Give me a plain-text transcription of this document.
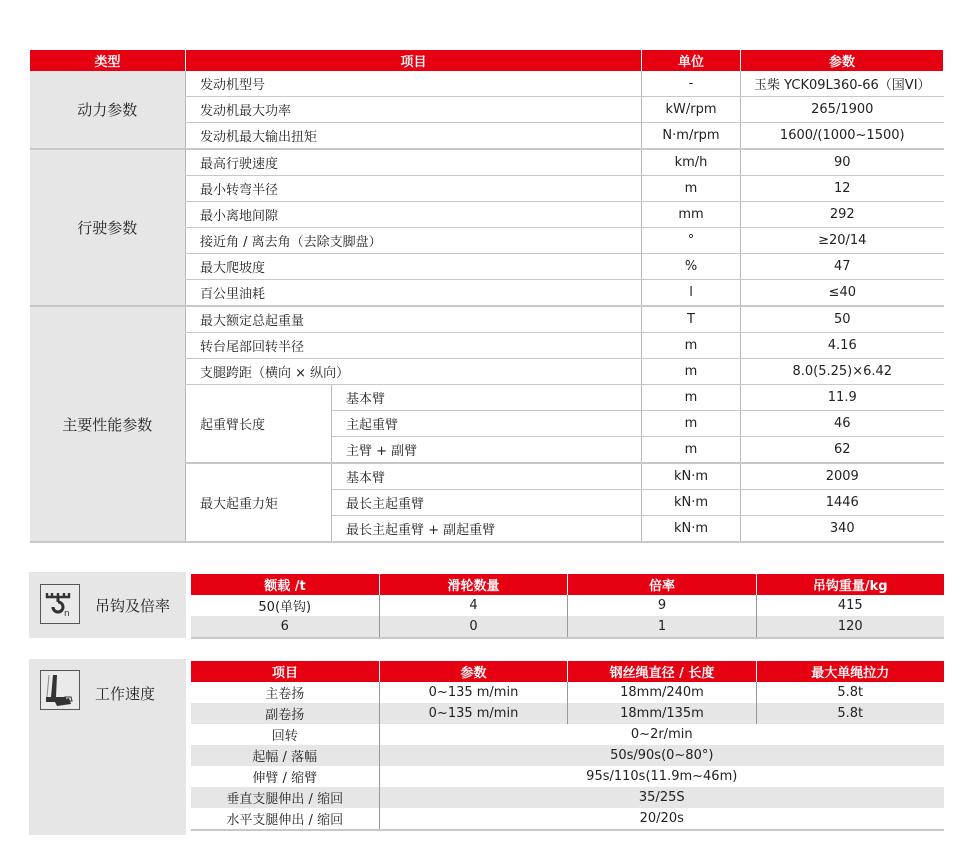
类型	项目		单位	参数
动力参数	发动机型号		-	玉柴 YCK09L360-66（国VI）
	发动机最大功率		kW/rpm	265/1900
	发动机最大输出扭矩		N·m/rpm	1600/(1000~1500)
行驶参数	最高行驶速度		km/h	90
	最小转弯半径		m	12
	最小离地间隙		mm	292
	接近角 / 离去角（去除支脚盘）		°	≥20/14
	最大爬坡度		%	47
	百公里油耗		l	≤40
主要性能参数	最大额定总起重量		T	50
	转台尾部回转半径		m	4.16
	支腿跨距（横向 × 纵向）		m	8.0(5.25)×6.42
	起重臂长度	基本臂	m	11.9
		主起重臂	m	46
		主臂 + 副臂	m	62
	最大起重力矩	基本臂	kN·m	2009
		最长主起重臂	kN·m	1446
		最长主起重臂 + 副起重臂	kN·m	340
n 吊钩及倍率
额载 /t	滑轮数量	倍率	吊钩重量/kg
50(单钩)	4	9	415
6	0	1	120
工作速度
项目	参数	钢丝绳直径 / 长度	最大单绳拉力
主卷扬	0~135 m/min	18mm/240m	5.8t
副卷扬	0~135 m/min	18mm/135m	5.8t
回转	0~2r/min		
起幅 / 落幅	50s/90s(0~80°)		
伸臂 / 缩臂	95s/110s(11.9m~46m)		
垂直支腿伸出 / 缩回	35/25S		
水平支腿伸出 / 缩回	20/20s		
